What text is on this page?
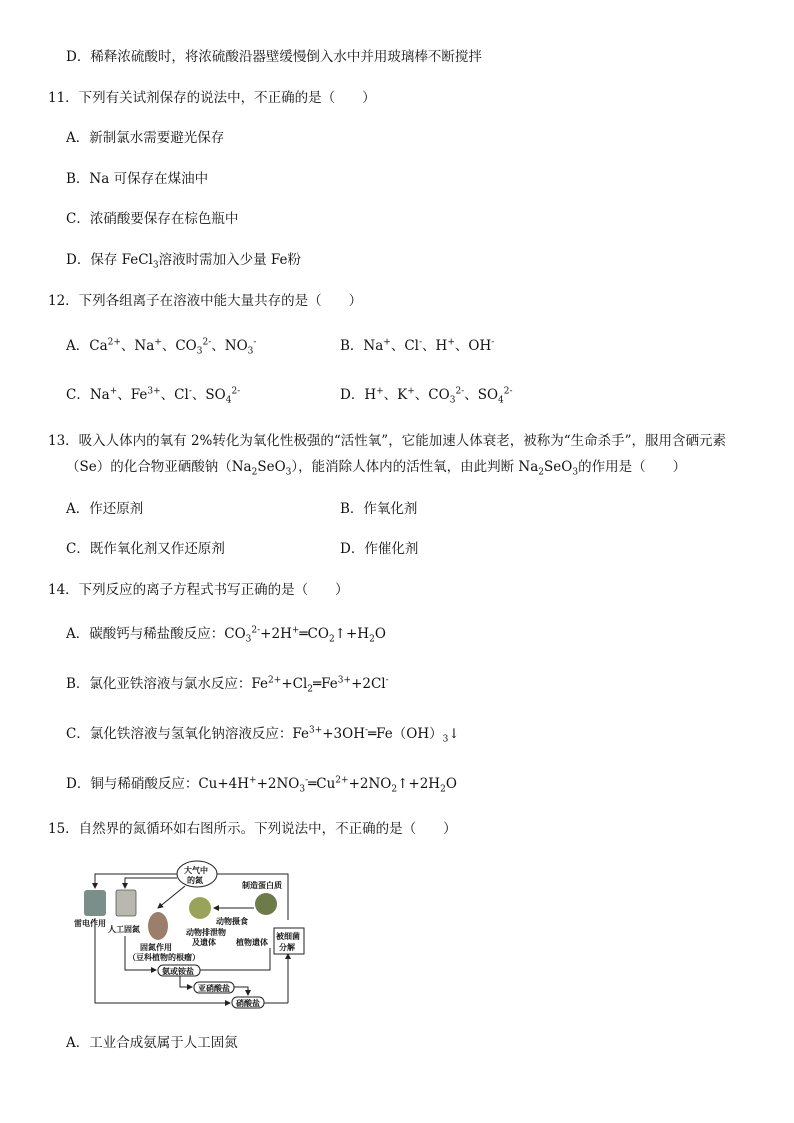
D．稀释浓硫酸时，将浓硫酸沿器壁缓慢倒入水中并用玻璃棒不断搅拌
11．下列有关试剂保存的说法中，不正确的是（　　）
A．新制氯水需要避光保存
B．Na 可保存在煤油中
C．浓硝酸要保存在棕色瓶中
D．保存 FeCl$_3$溶液时需加入少量 Fe粉
12．下列各组离子在溶液中能大量共存的是（　　）
A．$Ca^{2+}$、Na+、$CO_3^{2-}$、$NO_3^-$	B．Na+、Cl-、H+、OH-
C．Na+、$Fe^{3+}$、Cl-、$SO_4^{2-}$	D．H+、K+、$CO_3^{2-}$、$SO_4^{2-}$
13．吸入人体内的氧有 2%转化为氧化性极强的“活性氧”，它能加速人体衰老，被称为“生命杀手”，服用含硒元素
（Se）的化合物亚硒酸钠$(Na_2SeO_3)$，能消除人体内的活性氧，由此判断 $Na_2SeO_3$的作用是（　　）
A．作还原剂	B．作氧化剂
C．既作氧化剂又作还原剂	D．作催化剂
14．下列反应的离子方程式书写正确的是（　　）
A．碳酸钙与稀盐酸反应：$CO_3^{2-}+2H^+═CO_2↑+H_2O$
B．氯化亚铁溶液与氯水反应：$Fe^{2+}+Cl_2═Fe^{3+}+2Cl^-$
C．氯化铁溶液与氢氧化钠溶液反应：$Fe^{3+}+3OH^-═Fe(OH)_3↓$
D．铜与稀硝酸反应：$Cu+4H^++2NO_3^-═Cu^{2+}+2NO_2↑+2H_2O$
15．自然界的氮循环如右图所示。下列说法中，不正确的是（　　）
大气中
的氮
制造蛋白质
动物摄食
雷电作用
人工固氮
固氮作用
（豆科植物的根瘤）
动物排泄物
及遗体	植物遗体
被细菌
分解
氨或铵盐
亚硝酸盐
硝酸盐
A．工业合成氨属于人工固氮
